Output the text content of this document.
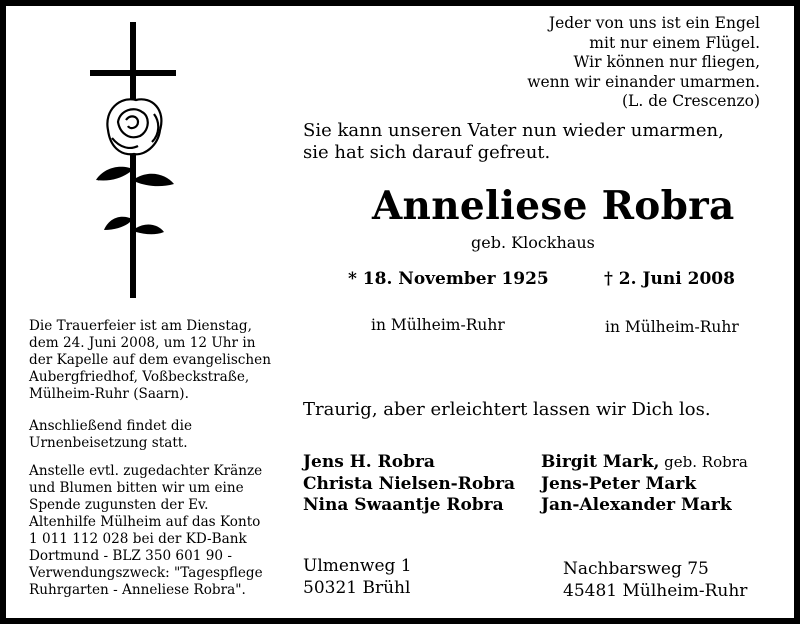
Jeder von uns ist ein Engel
mit nur einem Flügel.
Wir können nur fliegen,
wenn wir einander umarmen.
(L. de Crescenzo)
Sie kann unseren Vater nun wieder umarmen,
sie hat sich darauf gefreut.
Anneliese Robra
geb. Klockhaus
* 18. November 1925	† 2. Juni 2008
in Mülheim-Ruhr	in Mülheim-Ruhr

Die Trauerfeier ist am Dienstag,

dem 24. Juni 2008, um 12 Uhr in

der Kapelle auf dem evangelischen

Aubergfriedhof, Voßbeckstraße,

Mülheim-Ruhr (Saarn).

Anschließend findet die

Urnenbeisetzung statt.

Anstelle evtl. zugedachter Kränze

und Blumen bitten wir um eine

Spende zugunsten der Ev.

Altenhilfe Mülheim auf das Konto

1 011 112 028 bei der KD-Bank

Dortmund - BLZ 350 601 90 -

Verwendungszweck: "Tagespflege

Ruhrgarten - Anneliese Robra".

Traurig, aber erleichtert lassen wir Dich los.
Jens H. Robra
Christa Nielsen-Robra
Nina Swaantje Robra
Birgit Mark, geb. Robra
Jens-Peter Mark
Jan-Alexander Mark
Ulmenweg 1
50321 Brühl
Nachbarsweg 75
45481 Mülheim-Ruhr
